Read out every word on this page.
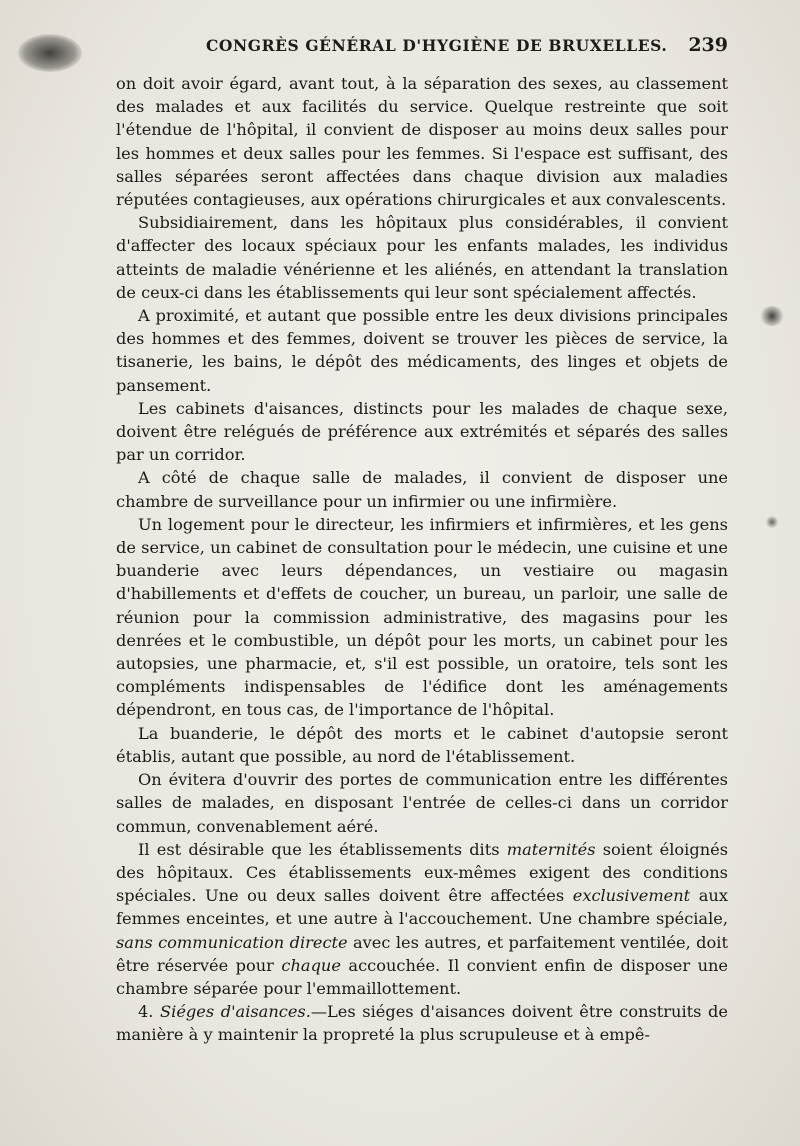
CONGRÈS GÉNÉRAL D'HYGIÈNE DE BRUXELLES. 239

on doit avoir égard, avant tout, à la séparation des sexes, au classement des malades et aux facilités du service. Quelque restreinte que soit l'étendue de l'hôpital, il convient de disposer au moins deux salles pour les hommes et deux salles pour les femmes. Si l'espace est suffisant, des salles séparées seront affectées dans chaque division aux maladies réputées contagieuses, aux opérations chirurgicales et aux convalescents.

Subsidiairement, dans les hôpitaux plus considérables, il convient d'affecter des locaux spéciaux pour les enfants malades, les individus atteints de maladie vénérienne et les aliénés, en attendant la translation de ceux-ci dans les établissements qui leur sont spécialement affectés.

A proximité, et autant que possible entre les deux divisions principales des hommes et des femmes, doivent se trouver les pièces de service, la tisanerie, les bains, le dépôt des médicaments, des linges et objets de pansement.

Les cabinets d'aisances, distincts pour les malades de chaque sexe, doivent être relégués de préférence aux extrémités et séparés des salles par un corridor.

A côté de chaque salle de malades, il convient de disposer une chambre de surveillance pour un infirmier ou une infirmière.

Un logement pour le directeur, les infirmiers et infirmières, et les gens de service, un cabinet de consultation pour le médecin, une cuisine et une buanderie avec leurs dépendances, un vestiaire ou magasin d'habillements et d'effets de coucher, un bureau, un parloir, une salle de réunion pour la commission administrative, des magasins pour les denrées et le combustible, un dépôt pour les morts, un cabinet pour les autopsies, une pharmacie, et, s'il est possible, un oratoire, tels sont les compléments indispensables de l'édifice dont les aménagements dépendront, en tous cas, de l'importance de l'hôpital.

La buanderie, le dépôt des morts et le cabinet d'autopsie seront établis, autant que possible, au nord de l'établissement.

On évitera d'ouvrir des portes de communication entre les différentes salles de malades, en disposant l'entrée de celles-ci dans un corridor commun, convenablement aéré.

Il est désirable que les établissements dits maternités soient éloignés des hôpitaux. Ces établissements eux-mêmes exigent des conditions spéciales. Une ou deux salles doivent être affectées exclusivement aux femmes enceintes, et une autre à l'accouchement. Une chambre spéciale, sans communication directe avec les autres, et parfaitement ventilée, doit être réservée pour chaque accouchée. Il convient enfin de disposer une chambre séparée pour l'emmaillottement.

4. Siéges d'aisances.—Les siéges d'aisances doivent être construits de manière à y maintenir la propreté la plus scrupuleuse et à empê-
